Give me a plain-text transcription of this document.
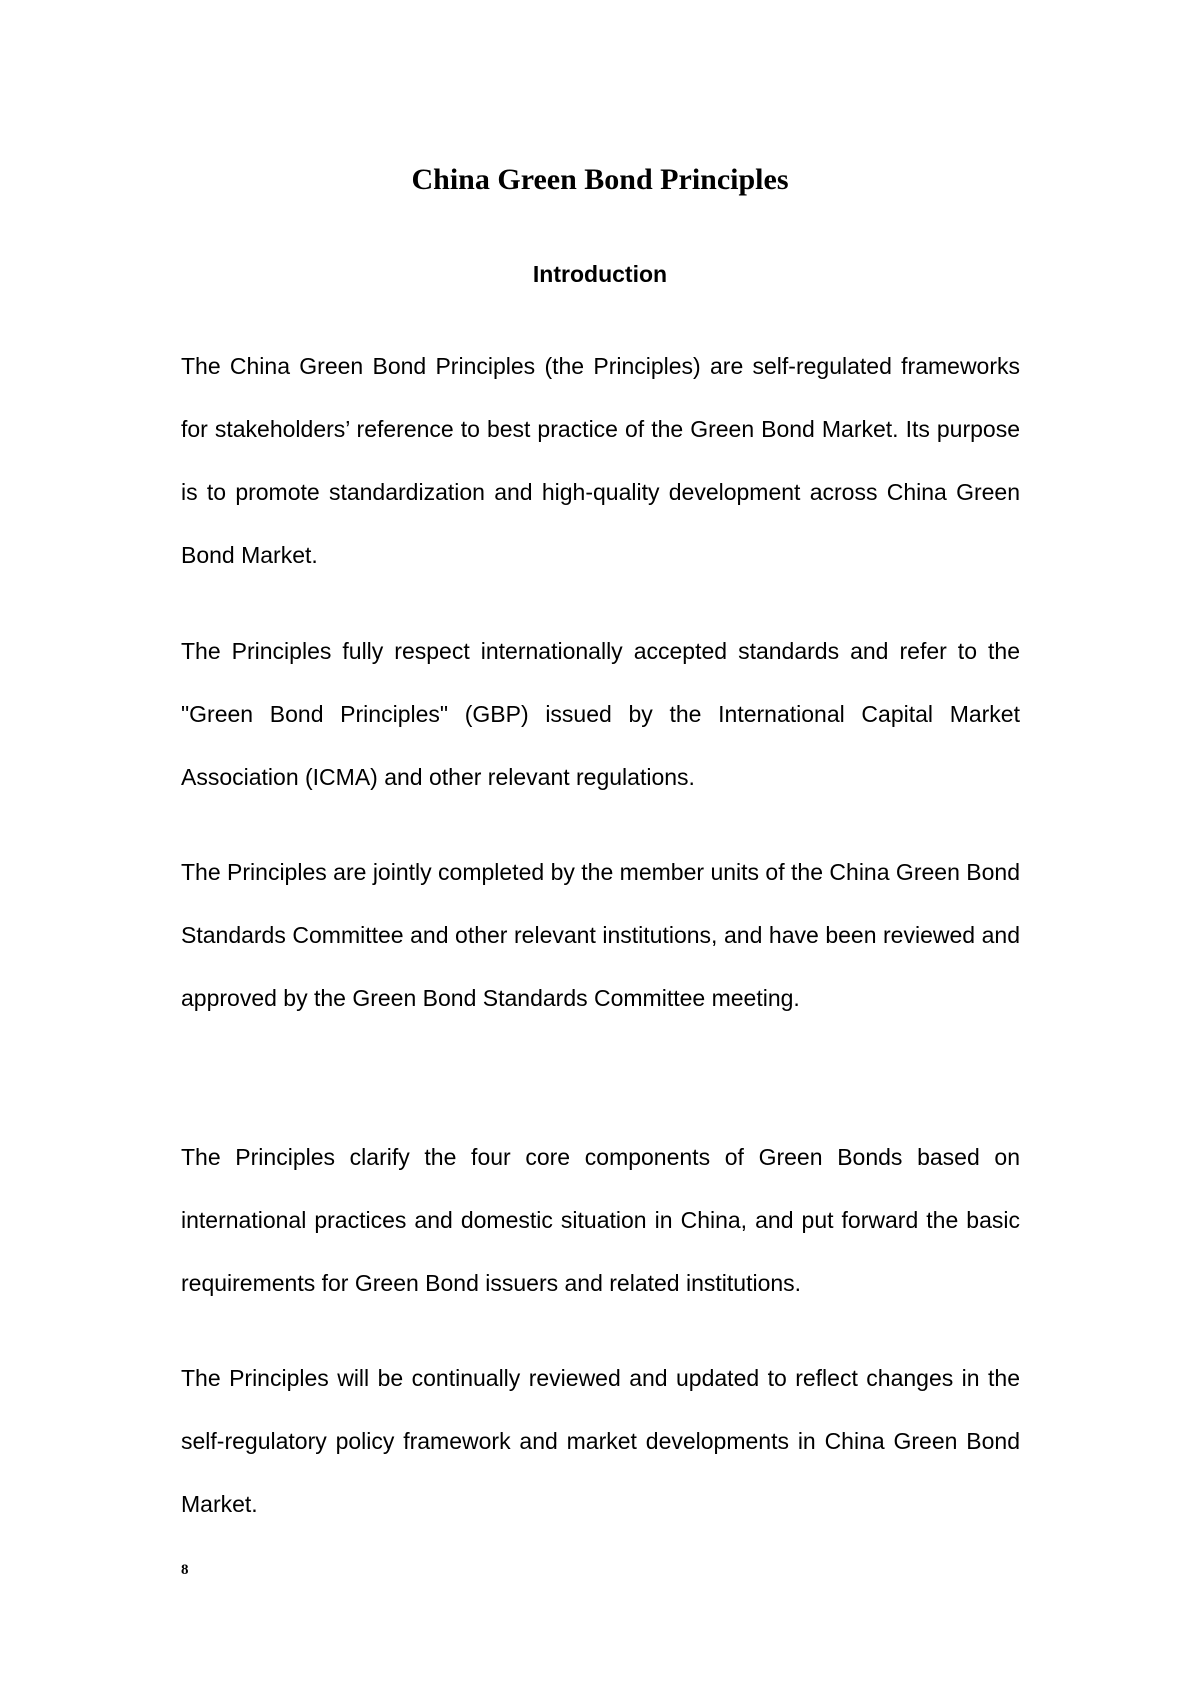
China Green Bond Principles
Introduction

The China Green Bond Principles (the Principles) are self-regulated frameworks for stakeholders’ reference to best practice of the Green Bond Market. Its purpose is to promote standardization and high-quality development across China Green Bond Market.

The Principles fully respect internationally accepted standards and refer to the "Green Bond Principles" (GBP) issued by the International Capital Market Association (ICMA) and other relevant regulations.

The Principles are jointly completed by the member units of the China Green Bond Standards Committee and other relevant institutions, and have been reviewed and approved by the Green Bond Standards Committee meeting.

The Principles clarify the four core components of Green Bonds based on international practices and domestic situation in China, and put forward the basic requirements for Green Bond issuers and related institutions.

The Principles will be continually reviewed and updated to reflect changes in the self-regulatory policy framework and market developments in China Green Bond Market.

8
